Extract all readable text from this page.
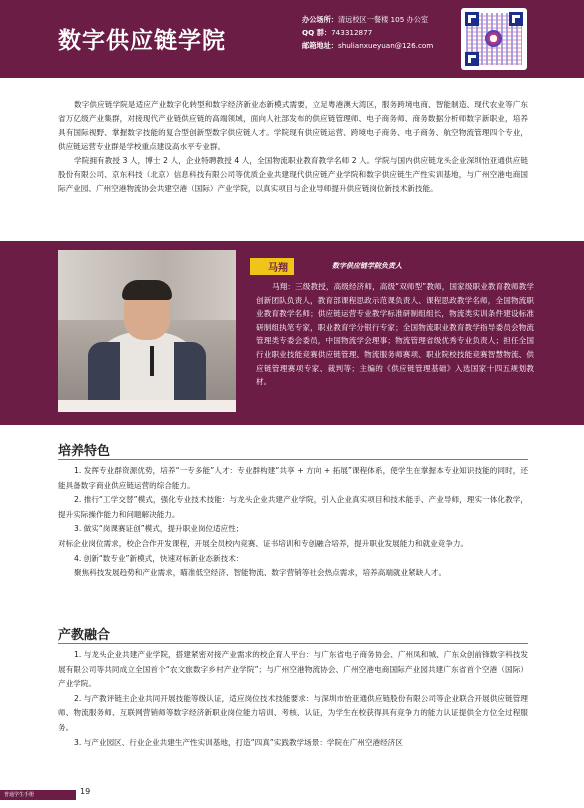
数字供应链学院
办公场所：清远校区一餐楼 105 办公室
QQ 群：743312877
邮箱地址：shulianxueyuan@126.com

数字供应链学院是适应产业数字化转型和数字经济新业态新模式需要，立足粤港澳大湾区，服务跨境电商、智能制造、现代农业等广东省万亿级产业集群，对接现代产业链供应链的高端领域，面向人社部发布的供应链管理师、电子商务师、商务数据分析师数字新职业，培养具有国际视野、掌握数字技能的复合型创新型数字供应链人才。学院现有供应链运营、跨境电子商务、电子商务、航空物流管理四个专业，供应链运营专业群是学校重点建设高水平专业群。

学院拥有教授 3 人，博士 2 人，企业特聘教授 4 人，全国物流职业教育教学名师 2 人。学院与国内供应链龙头企业深圳怡亚通供应链股份有限公司、京东科技（北京）信息科技有限公司等优质企业共建现代供应链产业学院和数字供应链生产性实训基地，与广州空港电商国际产业园、广州空港物流协会共建空港（国际）产业学院，以真实项目与企业导师提升供应链岗位新技术新技能。

马翔	数字供应链学院负责人

马翔：三级教授，高级经济师，高级“双师型”教师，国家级职业教育教师教学创新团队负责人，教育部课程思政示范课负责人、课程思政教学名师，全国物流职业教育教学名师；供应链运营专业教学标准研制组组长，物流类实训条件建设标准研制组执笔专家，职业教育学分银行专家；全国物流职业教育教学指导委员会物流管理类专委会委员，中国物流学会理事；物流管理省级优秀专业负责人；担任全国行业职业技能竞赛供应链管理、物流服务师赛项、职业院校技能竞赛智慧物流、供应链管理赛项专家、裁判等；主编的《供应链管理基础》入选国家十四五规划教材。

培养特色

1. 发挥专业群资源优势，培养“一专多能”人才：专业群构建“共享 + 方向 + 拓展”课程体系，使学生在掌握本专业知识技能的同时，还能具备数字商业供应链运营的综合能力。

2. 推行“工学交替”模式，强化专业技术技能：与龙头企业共建产业学院，引入企业真实项目和技术能手、产业导师，理实一体化教学，提升实际操作能力和问题解决能力。

3. 做实“岗课赛证创”模式，提升职业岗位适应性；

对标企业岗位需求，校企合作开发课程，开展全员校内竞赛、证书培训和专创融合培养，提升职业发展能力和就业竞争力。

4. 创新“数专业”新模式，快速对标新业态新技术：

聚焦科技发展趋势和产业需求，瞄准低空经济、智能物流、数字营销等社会热点需求，培养高端就业紧缺人才。

产教融合

1. 与龙头企业共建产业学院，搭建紧密对接产业需求的校企育人平台：与广东省电子商务协会、广州凤和城、广东众创前锋数字科技发展有限公司等共同成立全国首个“农文旅数字乡村产业学院”；与广州空港物流协会、广州空港电商国际产业园共建广东省首个空港（国际）产业学院。

2. 与产教评链主企业共同开展技能等级认证，适应岗位技术技能要求：与深圳市怡亚通供应链股份有限公司等企业联合开展供应链管理师、物流服务师、互联网营销师等数字经济新职业岗位能力培训、考核、认证，为学生在校获得具有竞争力的能力认证提供全方位全过程服务。

3. 与产业园区、行业企业共建生产性实训基地，打造“四真”实践教学场景：学院在广州空港经济区

普通学生手册	19
